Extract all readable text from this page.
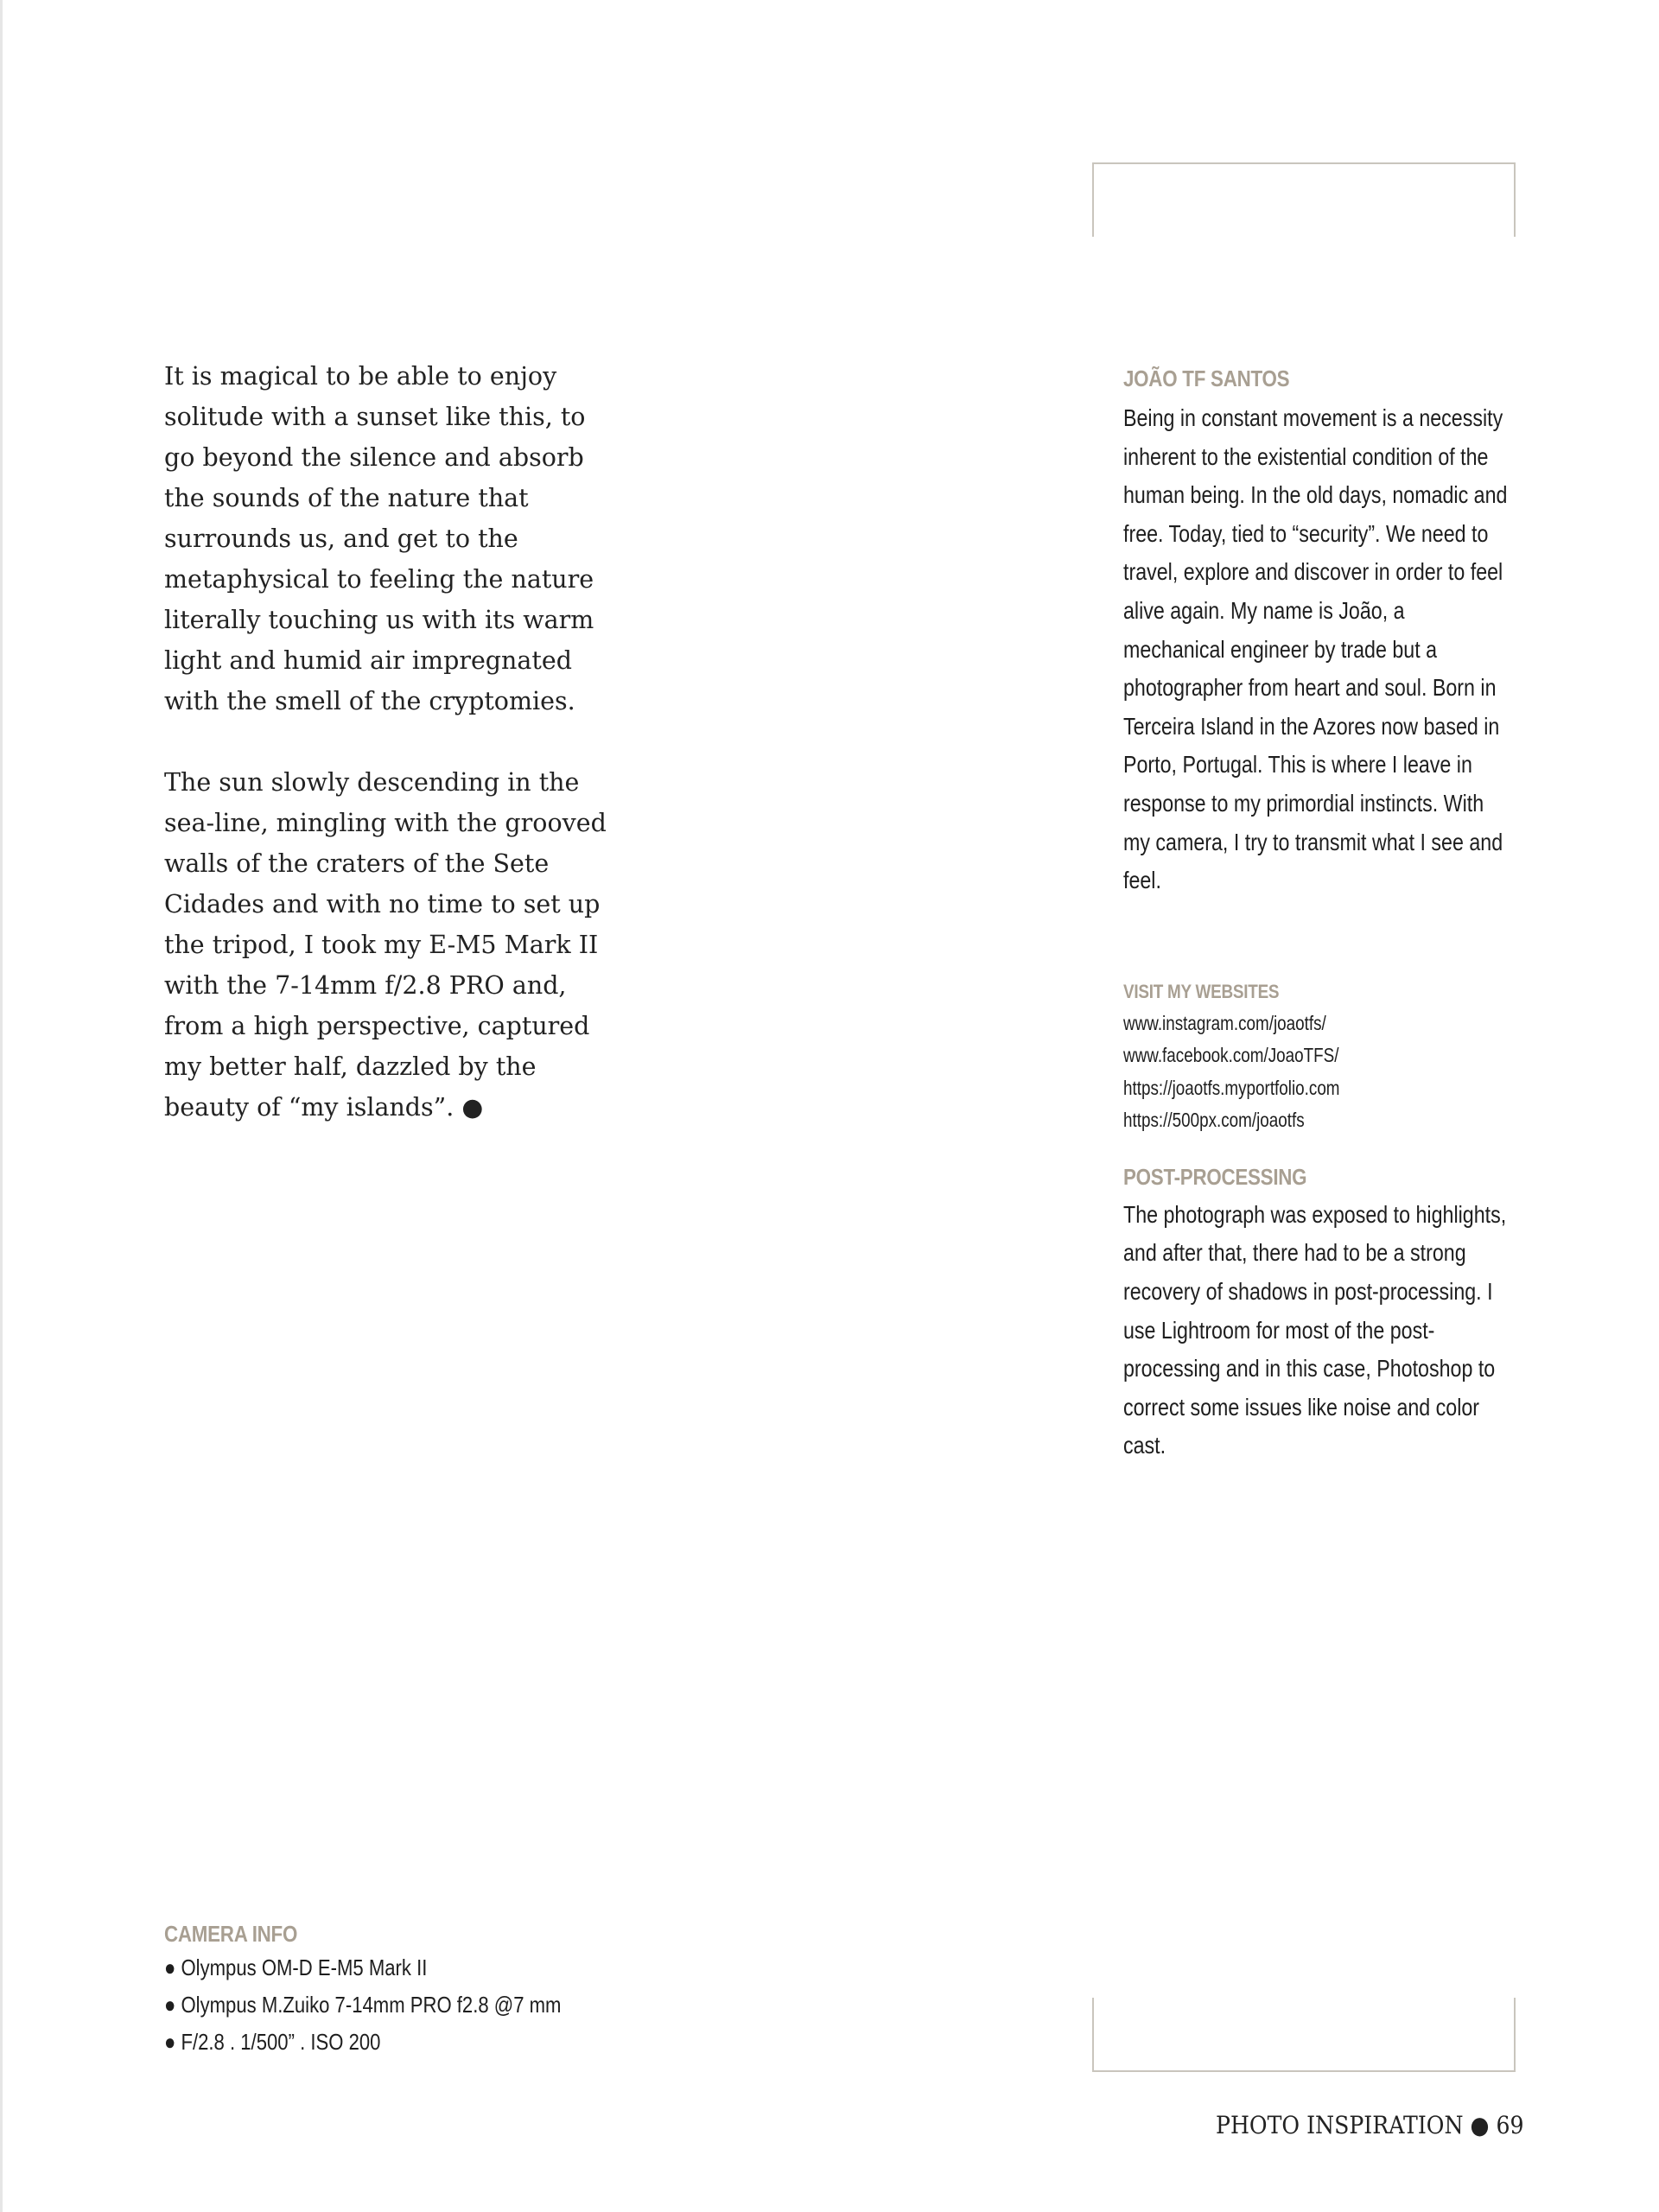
It is magical to be able to enjoy solitude with a sunset like this, to go beyond the silence and absorb the sounds of the nature that surrounds us, and get to the metaphysical to feeling the nature literally touching us with its warm light and humid air impregnated with the smell of the cryptomies.

The sun slowly descending in the sea-line, mingling with the grooved walls of the craters of the Sete Cidades and with no time to set up the tripod, I took my E-M5 Mark II with the 7-14mm f/2.8 PRO and, from a high perspective, captured my better half, dazzled by the beauty of “my islands”. ●

JOÃO TF SANTOS
Being in constant movement is a necessity inherent to the existential condition of the human being. In the old days, nomadic and free. Today, tied to “security”. We need to travel, explore and discover in order to feel alive again. My name is João, a mechanical engineer by trade but a photographer from heart and soul. Born in Terceira Island in the Azores now based in Porto, Portugal. This is where I leave in response to my primordial instincts. With my camera, I try to transmit what I see and feel.
VISIT MY WEBSITES
www.instagram.com/joaotfs/
www.facebook.com/JoaoTFS/
https://joaotfs.myportfolio.com
https://500px.com/joaotfs
POST-PROCESSING
The photograph was exposed to highlights, and after that, there had to be a strong recovery of shadows in post-processing. I use Lightroom for most of the post-processing and in this case, Photoshop to correct some issues like noise and color cast.
CAMERA INFO
● Olympus OM-D E-M5 Mark II
● Olympus M.Zuiko 7-14mm PRO f2.8 @7 mm
● F/2.8 . 1/500” . ISO 200
PHOTO INSPIRATION ● 69
